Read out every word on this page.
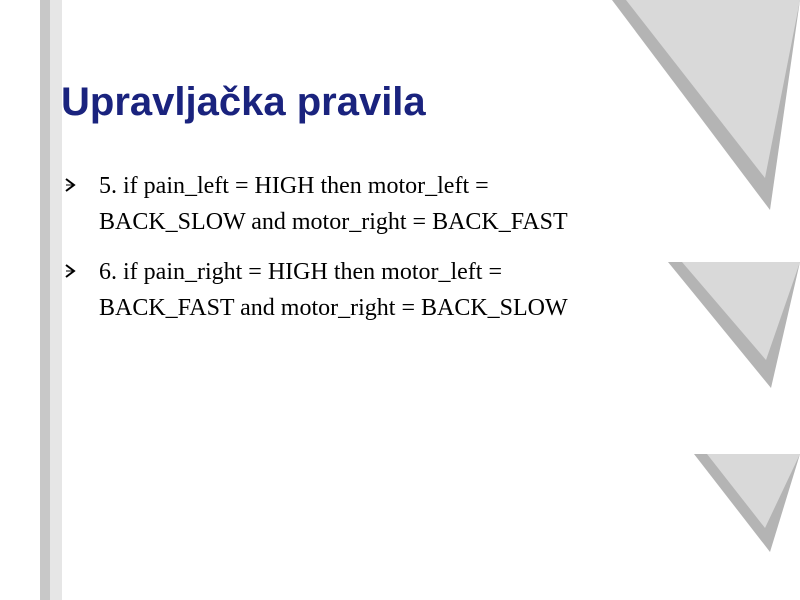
Upravljačka pravila
5. if pain_left = HIGH then motor_left =
BACK_SLOW and motor_right = BACK_FAST
6. if pain_right = HIGH then motor_left =
BACK_FAST and motor_right = BACK_SLOW
